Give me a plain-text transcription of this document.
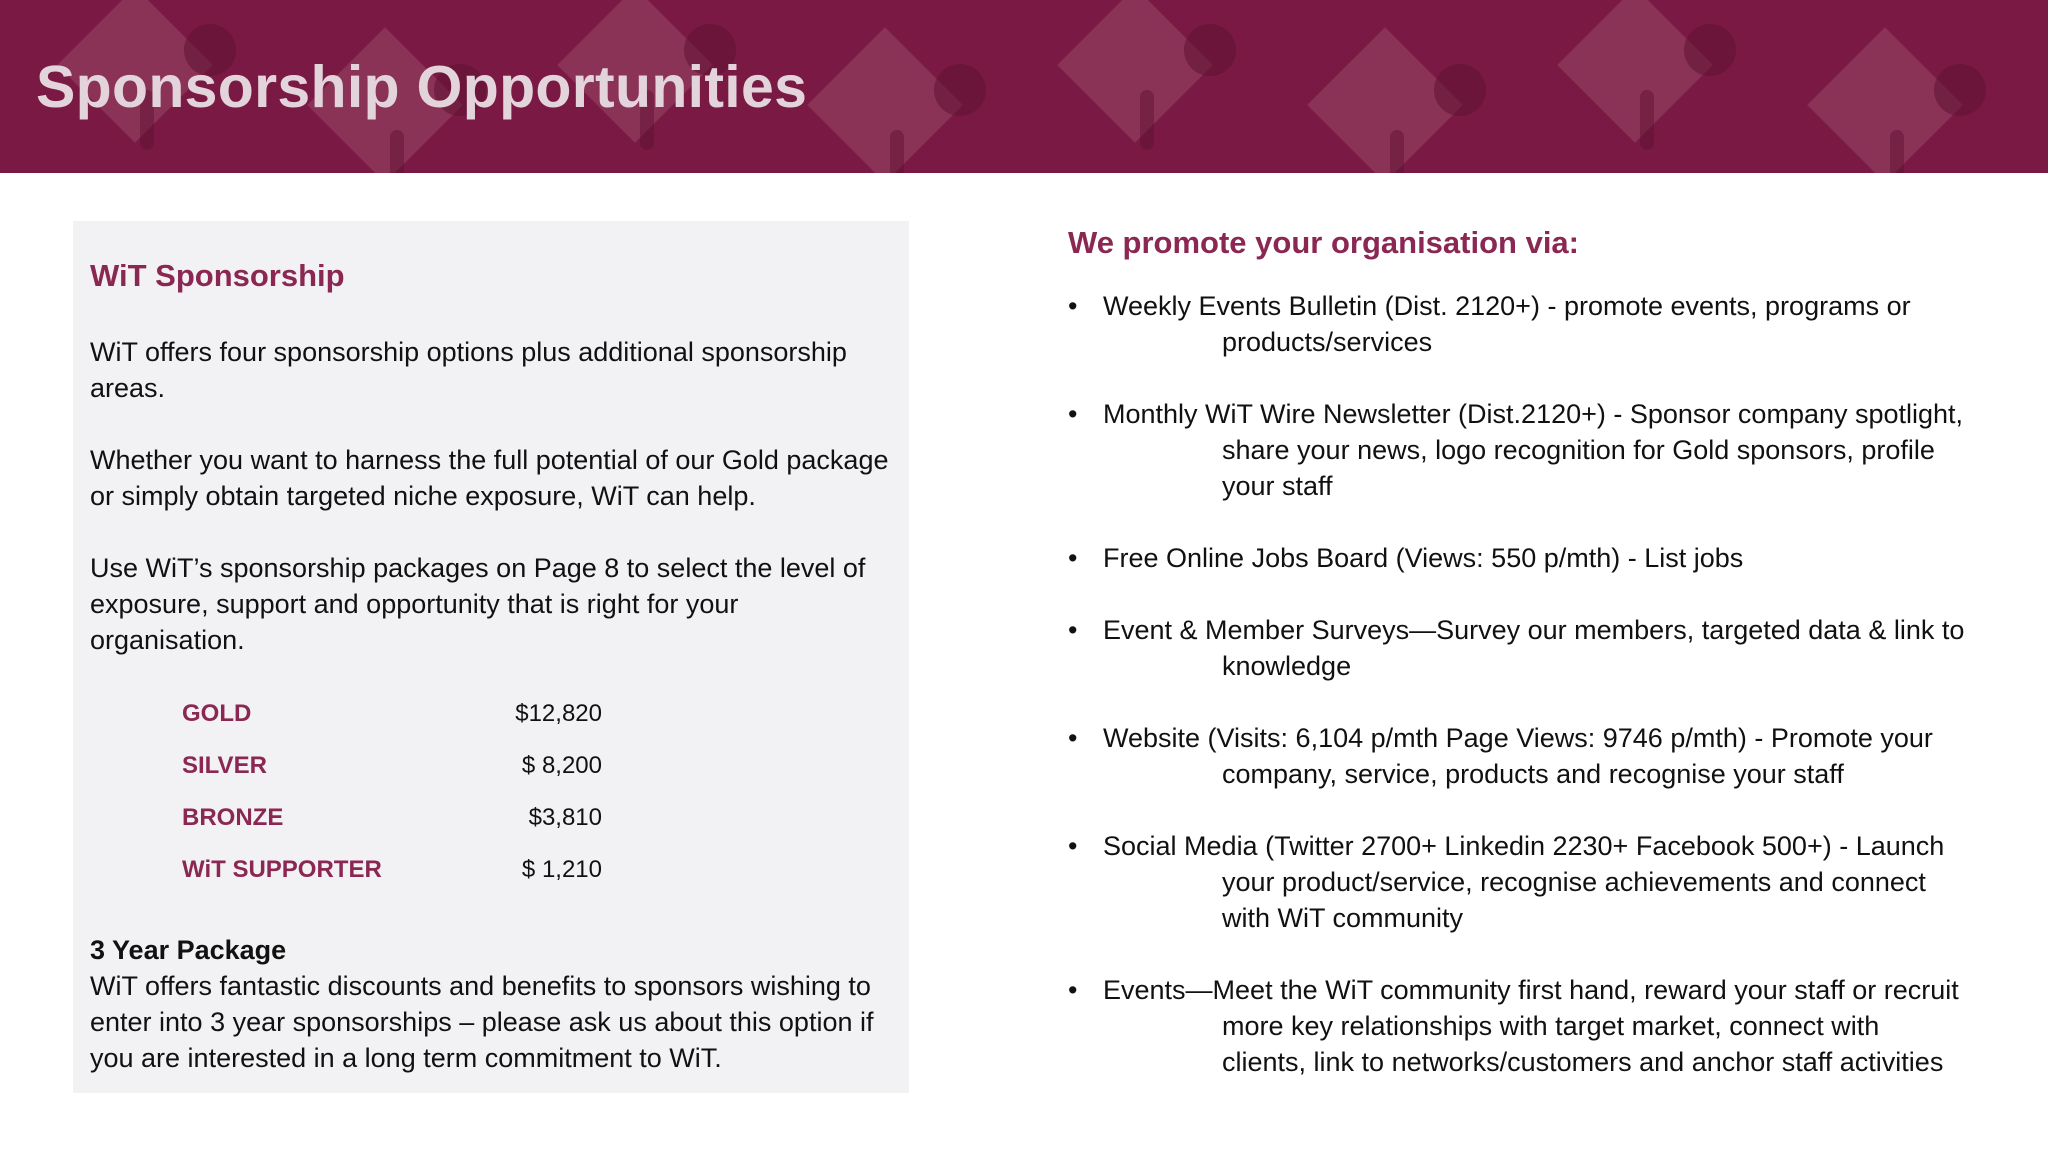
Sponsorship Opportunities
WiT Sponsorship

WiT offers four sponsorship options plus additional sponsorship areas.

Whether you want to harness the full potential of our Gold package or simply obtain targeted niche exposure, WiT can help.

Use WiT’s sponsorship packages on Page 8 to select the level of exposure, support and opportunity that is right for your organisation.

GOLD	$12,820
SILVER	$ 8,200
BRONZE	$3,810
WiT SUPPORTER	$ 1,210

3 Year Package

WiT offers fantastic discounts and benefits to sponsors wishing to enter into 3 year sponsorships – please ask us about this option if you are interested in a long term commitment to WiT.

We promote your organisation via:
• Weekly Events Bulletin (Dist. 2120+) - promote events, programs or
products/services
• Monthly WiT Wire Newsletter (Dist.2120+) - Sponsor company spotlight,
share your news, logo recognition for Gold sponsors, profile
your staff
• Free Online Jobs Board (Views: 550 p/mth) - List jobs
• Event & Member Surveys—Survey our members, targeted data & link to
knowledge
• Website (Visits: 6,104 p/mth Page Views: 9746 p/mth) - Promote your
company, service, products and recognise your staff
• Social Media (Twitter 2700+ Linkedin 2230+ Facebook 500+) - Launch
your product/service, recognise achievements and connect
with WiT community
• Events—Meet the WiT community first hand, reward your staff or recruit
more key relationships with target market, connect with
clients, link to networks/customers and anchor staff activities
